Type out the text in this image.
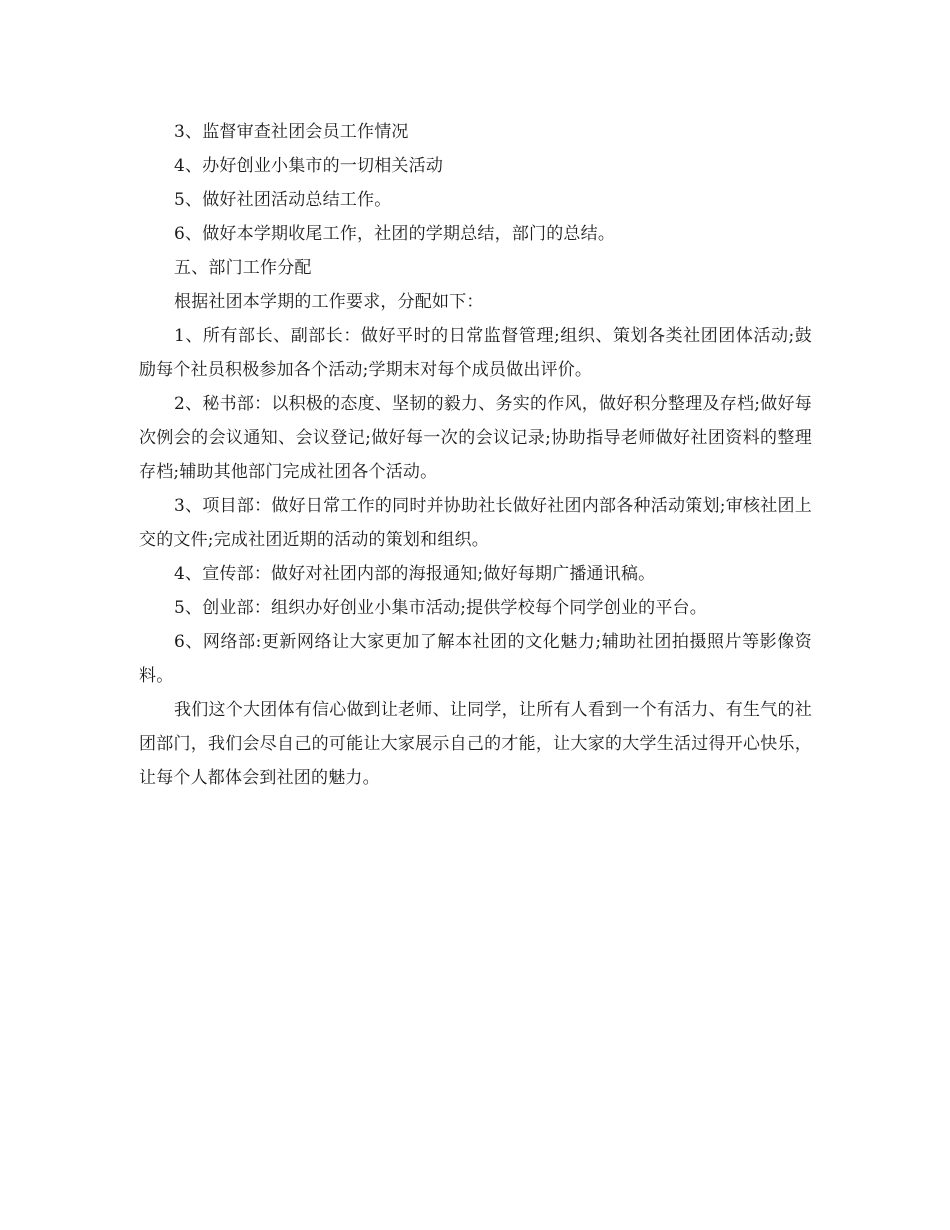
3、监督审查社团会员工作情况

4、办好创业小集市的一切相关活动

5、做好社团活动总结工作。

6、做好本学期收尾工作，社团的学期总结，部门的总结。

五、部门工作分配

根据社团本学期的工作要求，分配如下：

1、所有部长、副部长：做好平时的日常监督管理;组织、策划各类社团团体活动;鼓励每个社员积极参加各个活动;学期末对每个成员做出评价。

2、秘书部：以积极的态度、坚韧的毅力、务实的作风，做好积分整理及存档;做好每次例会的会议通知、会议登记;做好每一次的会议记录;协助指导老师做好社团资料的整理存档;辅助其他部门完成社团各个活动。

3、项目部：做好日常工作的同时并协助社长做好社团内部各种活动策划;审核社团上交的文件;完成社团近期的活动的策划和组织。

4、宣传部：做好对社团内部的海报通知;做好每期广播通讯稿。

5、创业部：组织办好创业小集市活动;提供学校每个同学创业的平台。

6、网络部:更新网络让大家更加了解本社团的文化魅力;辅助社团拍摄照片等影像资料。

我们这个大团体有信心做到让老师、让同学，让所有人看到一个有活力、有生气的社团部门，我们会尽自己的可能让大家展示自己的才能，让大家的大学生活过得开心快乐，让每个人都体会到社团的魅力。
